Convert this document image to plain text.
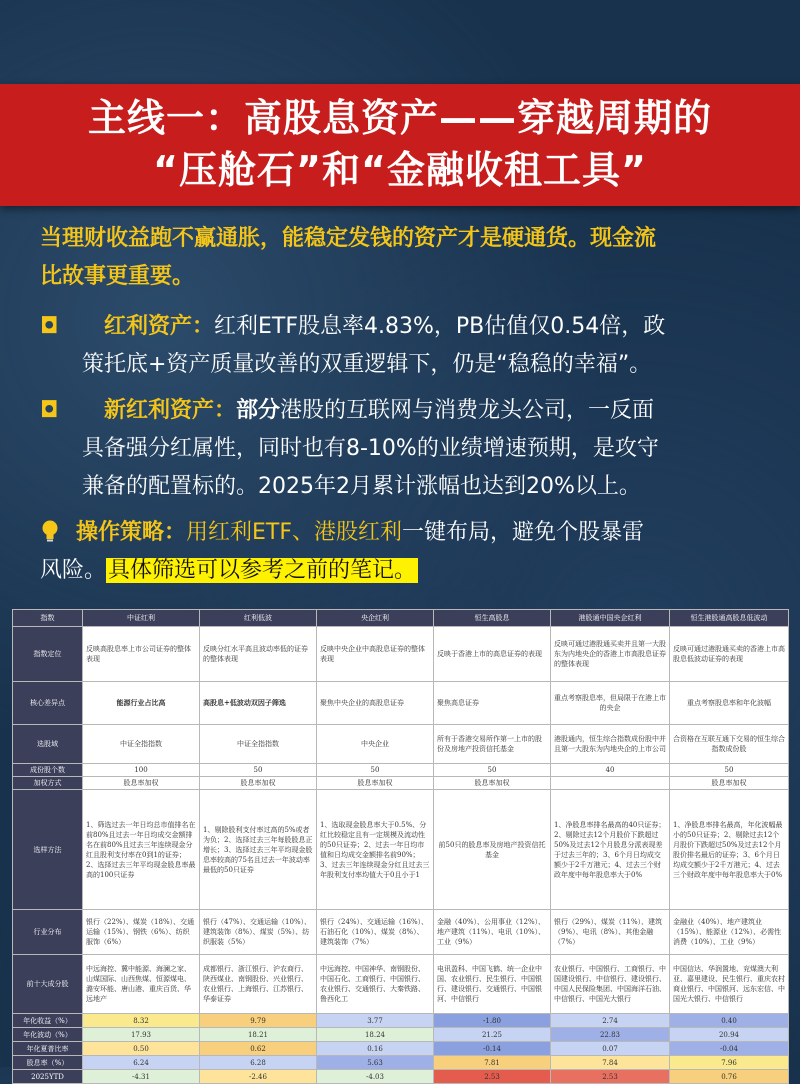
主线一：高股息资产——穿越周期的
“压舱石”和“金融收租工具”
当理财收益跑不赢通胀，能稳定发钱的资产才是硬通货。现金流
比故事更重要。
◘ 红利资产：红利ETF股息率4.83%，PB估值仅0.54倍，政
策托底+资产质量改善的双重逻辑下，仍是“稳稳的幸福”。
◘ 新红利资产：部分港股的互联网与消费龙头公司，一反面
具备强分红属性，同时也有8-10%的业绩增速预期，是攻守
兼备的配置标的。2025年2月累计涨幅也达到20%以上。
操作策略：用红利ETF、港股红利一键布局，避免个股暴雷
风险。具体筛选可以参考之前的笔记。
指数	中证红利	红利低波	央企红利	恒生高股息	港股通中国央企红利	恒生港股通高股息低波动
指数定位	反映高股息率上市公司证券的整体表现	反映分红水平高且波动率低的证券的整体表现	反映中央企业中高股息证券的整体表现	反映于香港上市的高息证券的表现	反映可通过港股通买卖并且第一大股东为内地央企的香港上市高股息证券的整体表现	反映可通过港股通买卖的香港上市高股息低波动证券的表现
核心差异点	能源行业占比高	高股息+低波动双因子筛选	聚焦中央企业的高股息证券	聚焦高息证券	重点考察股息率，但局限于在港上市的央企	重点考察股息率和年化波幅
选股域	中证全指指数	中证全指指数	中央企业	所有于香港交易所作第一上市的股份及房地产投资信托基金	港股通内，恒生综合指数成份股中并且第一大股东为内地央企的上市公司	合资格在互联互通下交易的恒生综合指数成份股
成份股个数	100	50	50	50	40	50
加权方式	股息率加权	股息率加权	股息率加权	股息率加权		股息率加权
选样方法	1、筛选过去一年日均总市值排名在前80%且过去一年日均成交金额排名在前80%且过去三年连续现金分红且股利支付率在0到1的证券；2、选择过去三年平均现金股息率最高的100只证券	1、剔除股利支付率过高的5%或者为负；2、选择过去三年每股股息正增长；3、选择过去三年平均现金股息率较高的75名且过去一年波动率最低的50只证券	1、选取现金股息率大于0.5%、分红比较稳定且有一定规模及流动性的50只证券；2、过去一年日均市值和日均成交金额排名前90%；3、过去三年连续现金分红且过去三年股利支付率均值大于0且小于1	前50只的股息率及房地产投资信托基金	1、净股息率排名最高的40只证券；2、剔除过去12个月股价下跌超过50%及过去12个月股息分派表现差于过去三年的；3、6个月日均成交额少于2千万港元；4、过去三个财政年度中每年股息率大于0%	1、净股息率排名最高，年化波幅最小的50只证券；2、剔除过去12个月股价下跌超过50%及过去12个月股价排名最后的证券；3、6个月日均成交额少于2千万港元；4、过去三个财政年度中每年股息率大于0%
行业分布	银行（22%）、煤炭（18%）、交通运输（15%）、钢铁（6%）、纺织服饰（6%）	银行（47%）、交通运输（10%）、建筑装饰（8%）、煤炭（5%）、纺织服装（5%）	银行（24%）、交通运输（16%）、石油石化（10%）、煤炭（8%）、建筑装饰（7%）	金融（40%）、公用事业（12%）、地产建筑（11%）、电讯（10%）、工业（9%）	银行（29%）、煤炭（11%）、建筑（9%）、电讯（8%）、其他金融（7%）	金融业（40%）、地产建筑业（15%）、能源业（12%）、必需性消费（10%）、工业（9%）
前十大成分股	中远海控、冀中能源、海澜之家、山煤国际、山西焦煤、恒源煤电、潞安环能、唐山港、重庆百货、华远地产	成都银行、浙江银行、沪农商行、陕西煤业、南钢股份、兴业银行、农业银行、上海银行、江苏银行、华泰证券	中远海控、中国神华、南钢股份、中国石化、工商银行、中国银行、农业银行、交通银行、大秦铁路、鲁西化工	电讯盈科、中国飞鹤、统一企业中国、农业银行、民生银行、中国银行、建设银行、交通银行、中国银河、中信银行	农业银行、中国银行、工商银行、中国建设银行、中信银行、建设银行、中国人民保险集团、中国海洋石油、中信银行、中国光大银行	中国信达、华润置地、兖煤澳大利亚、嘉里建设、民生银行、重庆农村商业银行、中国银河、远东宏信、中国光大银行、中信银行
年化收益（%）	8.32	9.79	3.77	-1.80	2.74	0.40
年化波动（%）	17.93	18.21	18.24	21.25	22.83	20.94
年化夏普比率	0.50	0.62	0.16	-0.14	0.07	-0.04
股息率（%）	6.24	6.28	5.63	7.81	7.84	7.96
2025YTD	-4.31	-2.46	-4.03	2.53	2.53	0.76
